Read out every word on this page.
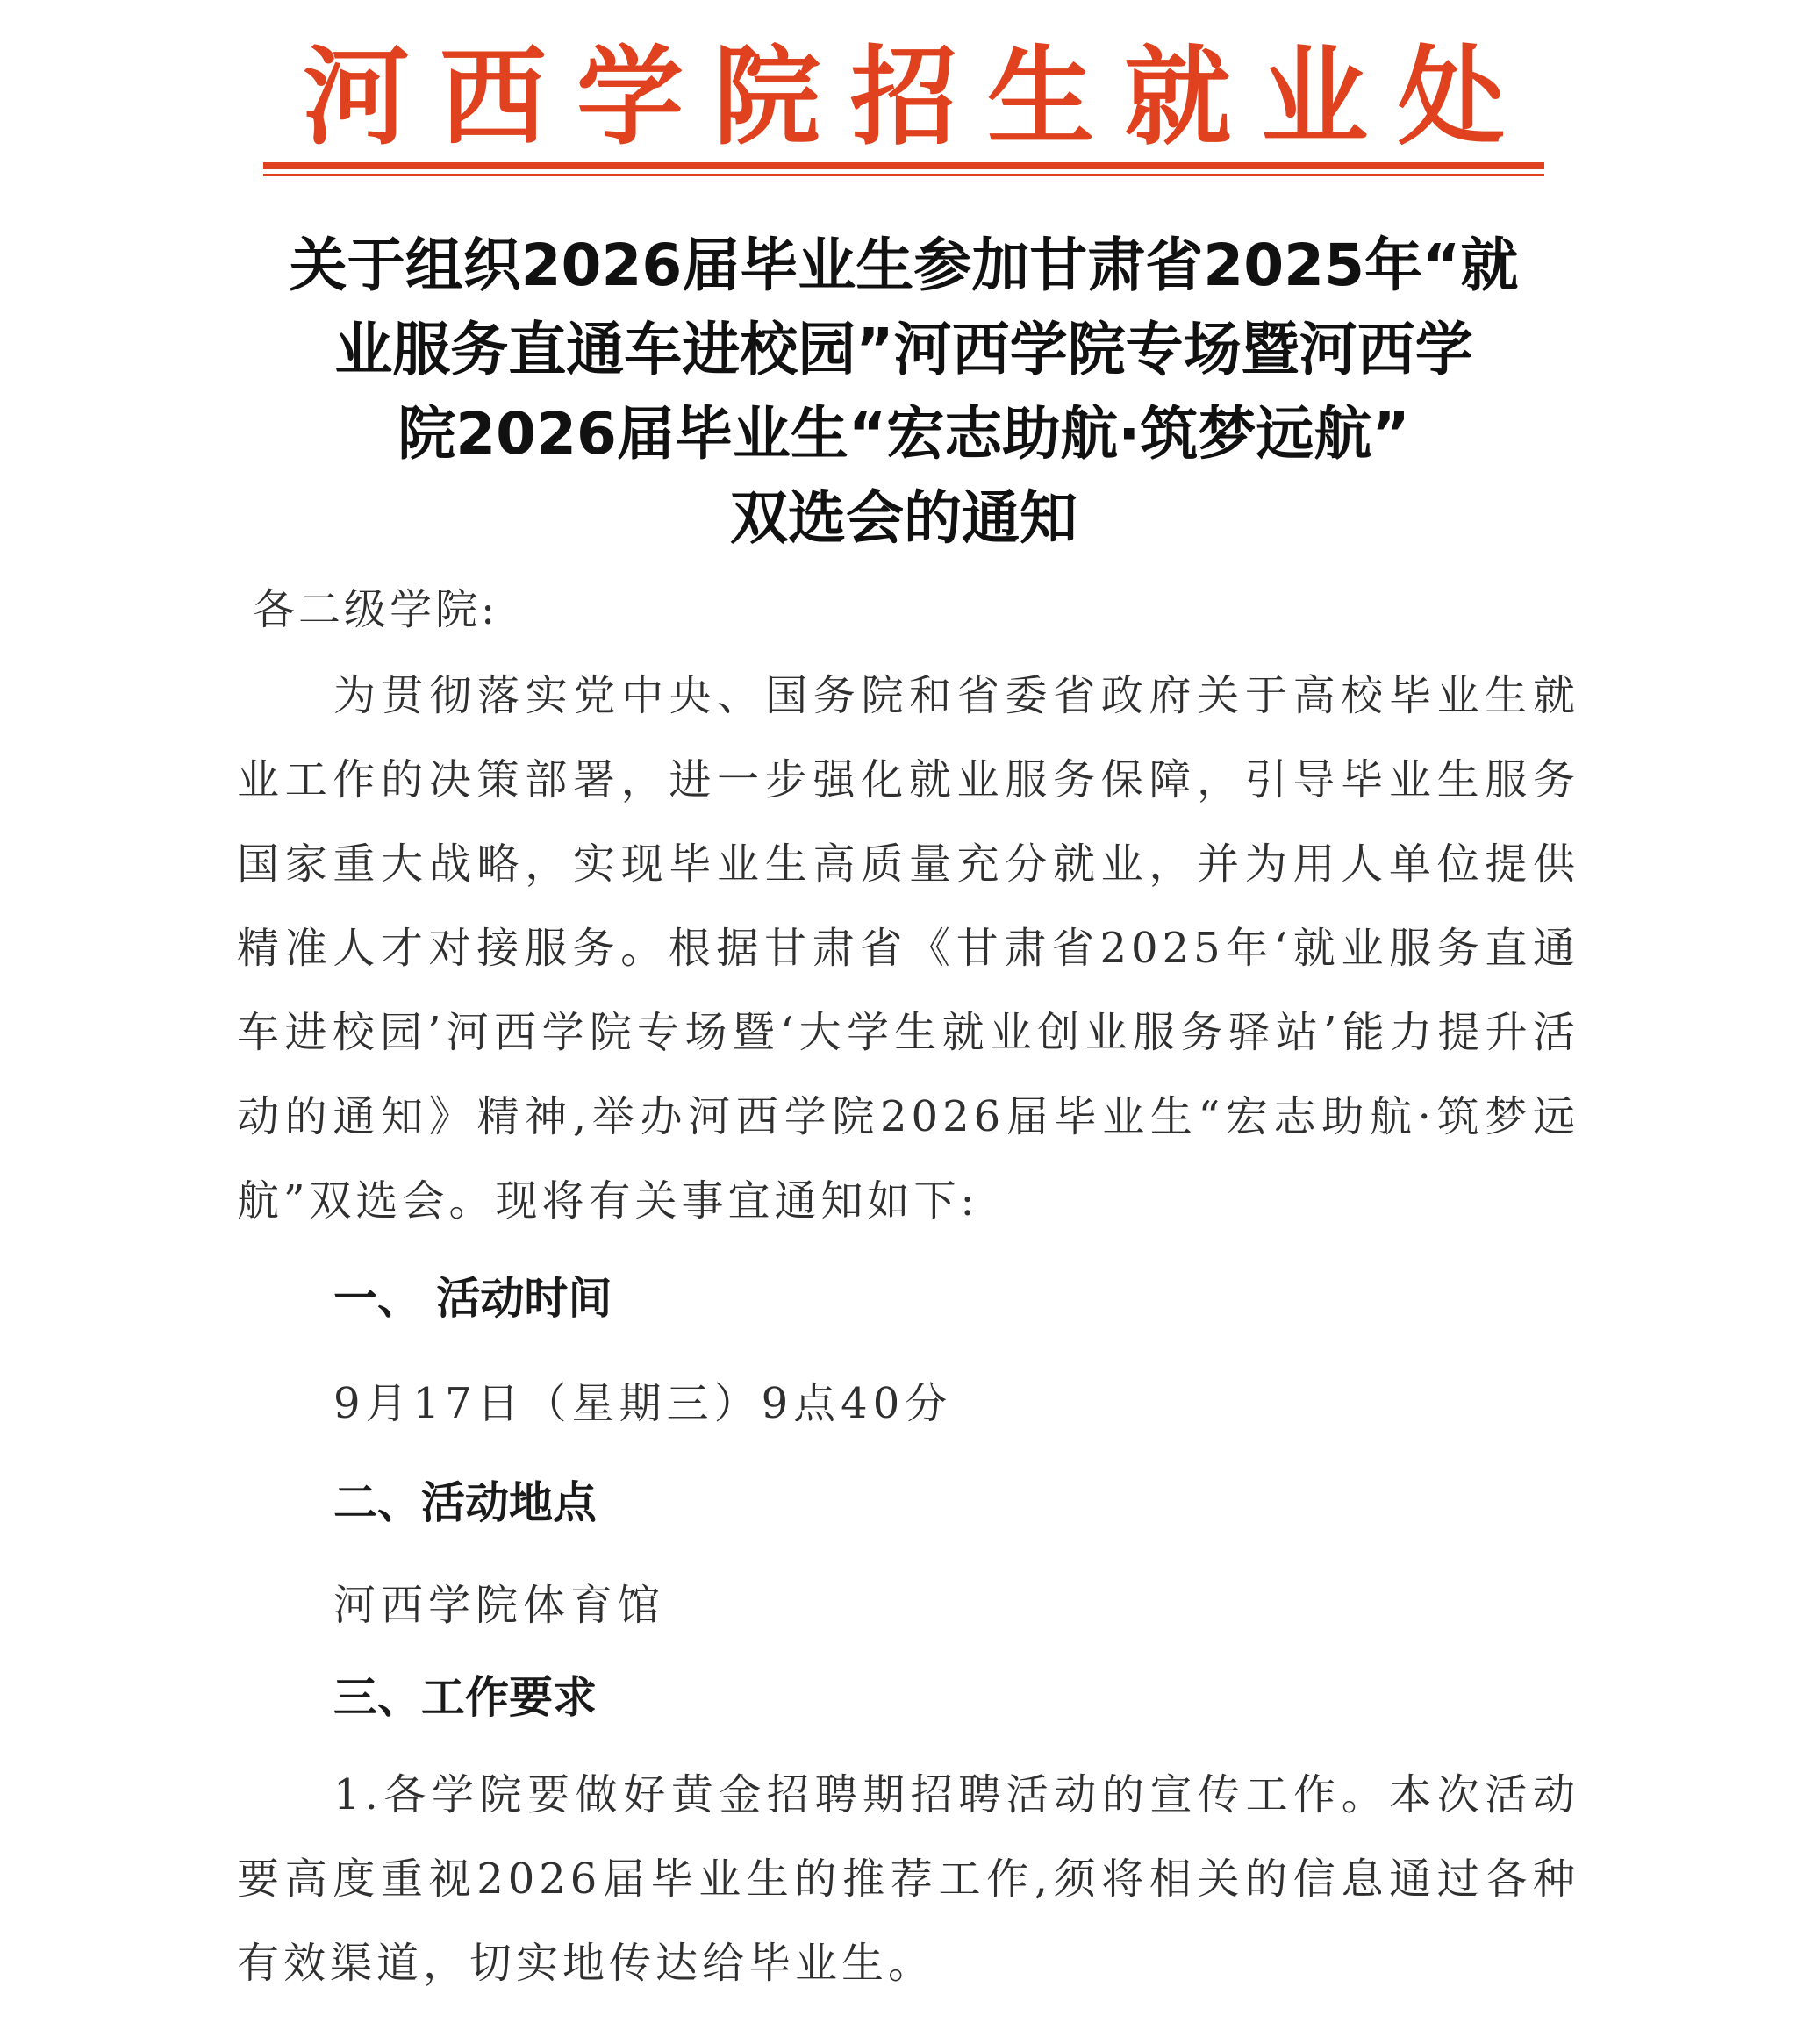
河西学院招生就业处
关于组织2026届毕业生参加甘肃省2025年“就
业服务直通车进校园”河西学院专场暨河西学
院2026届毕业生“宏志助航·筑梦远航”
双选会的通知
各二级学院:
为贯彻落实党中央、国务院和省委省政府关于高校毕业生就业工作的决策部署，进一步强化就业服务保障，引导毕业生服务国家重大战略，实现毕业生高质量充分就业，并为用人单位提供精准人才对接服务。根据甘肃省《甘肃省2025年‘就业服务直通车进校园’河西学院专场暨‘大学生就业创业服务驿站’能力提升活动的通知》精神,举办河西学院2026届毕业生“宏志助航·筑梦远航”双选会。现将有关事宜通知如下:
一、 活动时间
9月17日（星期三）9点40分
二、活动地点
河西学院体育馆
三、工作要求
1.各学院要做好黄金招聘期招聘活动的宣传工作。本次活动要高度重视2026届毕业生的推荐工作,须将相关的信息通过各种有效渠道，切实地传达给毕业生。
